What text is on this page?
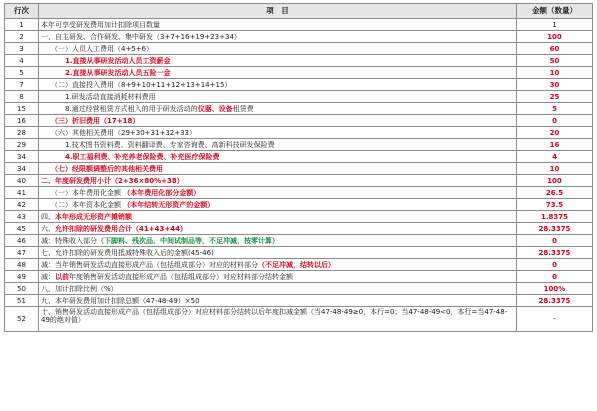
行次	项　目	金额（数量）
1	本年可享受研发费用加计扣除项目数量	1
2	一、自主研发、合作研发、集中研发（3+7+16+19+23+34）	100
3	（一）人员人工费用（4+5+6）	60
4	1.直接从事研发活动人员工资薪金	50
5	2.直接从事研发活动人员五险一金	10
7	（二）直接投入费用（8+9+10+11+12+13+14+15）	30
8	1.研发活动直接消耗材料费用	25
15	8.通过经营租赁方式租入的用于研发活动的仪器、设备租赁费	5
16	（三）折旧费用（17+18）	0
28	（六）其他相关费用（29+30+31+32+33）	20
29	1.技术图书资料费、资料翻译费、专家咨询费、高新科技研发保险费	16
34	4.职工福利费、补充养老保险费、补充医疗保险费	4
34	（七）经限额调整后的其他相关费用	10
40	二、年度研发费用小计（2+36×80%+38）	100
41	（一）本年费用化金额 （本年费用化部分金额）	26.5
42	（二）本年资本化金额 （本年结转无形资产的金额）	73.5
43	四、本年形成无形资产摊销额	1.8375
45	六、允许扣除的研发费用合计（41+43+44）	28.3375
46	减：特殊收入部分（下脚料、残次品、中间试制品等，不足冲减，按零计算）	0
47	七、允许扣除的研发费用抵减特殊收入后的金额(45-46)	28.3375
48	减：当年销售研发活动直接形成产品（包括组成部分）对应的材料部分（不足冲减，结转以后）	0
49	减：以前年度销售研发活动直接形成产品（包括组成部分）对应材料部分结转金额	0
50	八、加计扣除比例（%）	100%
51	九、本年研发费用加计扣除总额（47-48-49）×50	28.3375
52	十、销售研发活动直接形成产品（包括组成部分）对应材料部分结转以后年度扣减金额（当47-48-49≥0，本行=0；当47-48-49<0，本行=当47-48-49的绝对值）	-
